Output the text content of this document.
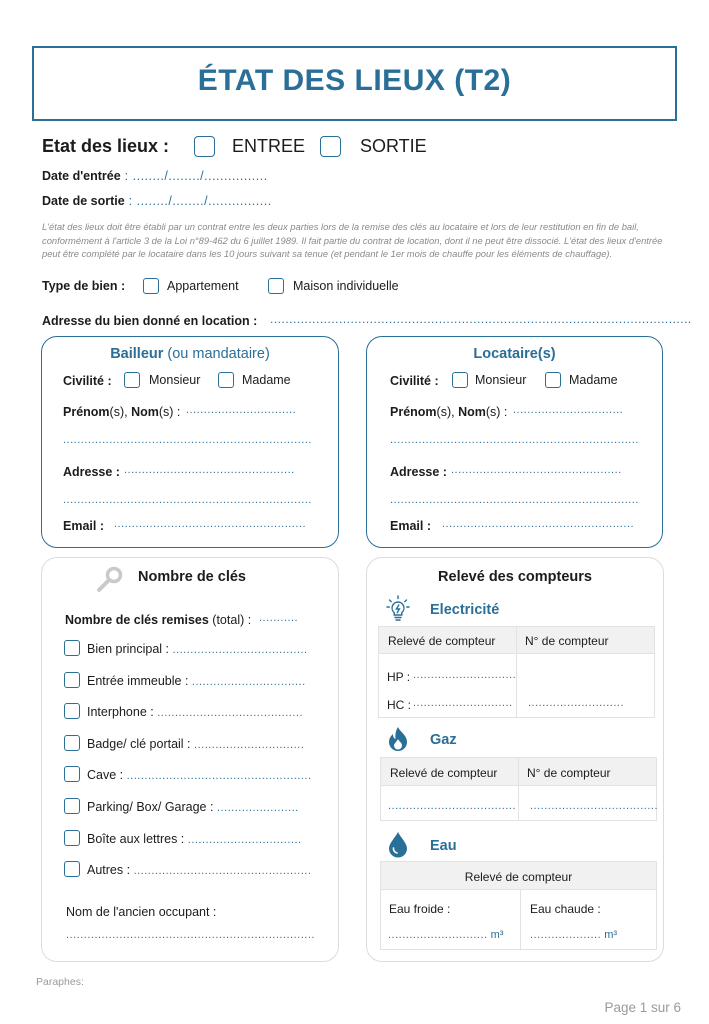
ÉTAT DES LIEUX (T2)
Etat des lieux :	ENTREE	SORTIE
Date d'entrée : ......../......../................
Date de sortie : ......../......../................
L'état des lieux doit être établi par un contrat entre les deux parties lors de la remise des clés au locataire et lors de leur restitution en fin de bail, conformément à l'article 3 de la Loi n°89-462 du 6 juillet 1989. Il fait partie du contrat de location, dont il ne peut être dissocié. L'état des lieux d'entrée peut être complété par le locataire dans les 10 jours suivant sa tenue (et pendant le 1er mois de chauffe pour les éléments de chauffage).
Type de bien :	Appartement	Maison individuelle
Adresse du bien donné en location : ..............................................................................................................
Bailleur (ou mandataire)
Civilité :	Monsieur	Madame
Prénom(s), Nom(s) : ...............................
......................................................................
Adresse : ................................................
......................................................................
Email : ......................................................
Locataire(s)
Civilité :	Monsieur	Madame
Prénom(s), Nom(s) : ...............................
......................................................................
Adresse : ................................................
......................................................................
Email : ......................................................
Nombre de clés
Nombre de clés remises (total) : ...........
Bien principal : ......................................
Entrée immeuble : ................................
Interphone : .........................................
Badge/ clé portail : ...............................
Cave : ....................................................
Parking/ Box/ Garage : .......................
Boîte aux lettres : ................................
Autres : ..................................................
Nom de l'ancien occupant :
......................................................................
Relevé des compteurs
Electricité
Relevé de compteur N° de compteur
HP : .............................
HC : ............................ ...........................
Gaz
Relevé de compteur N° de compteur
.................................... ....................................
Eau
Relevé de compteur
Eau froide :	Eau chaude :
............................ m³ .................... m³
Paraphes:
Page 1 sur 6
